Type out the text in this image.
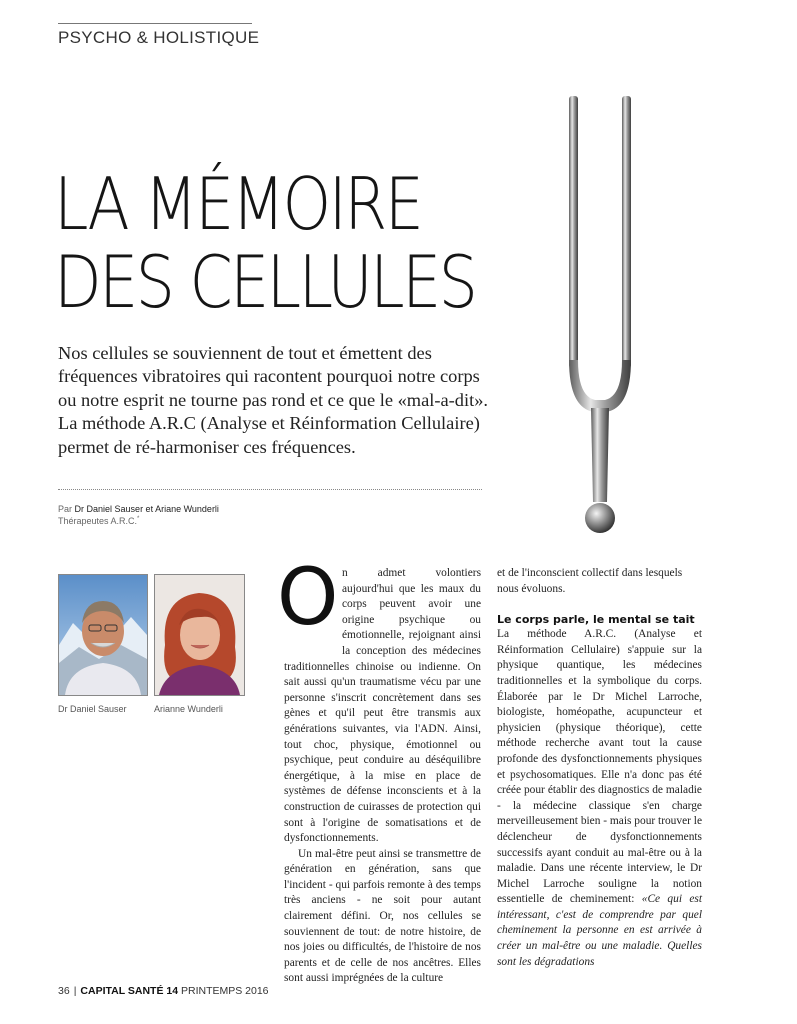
PSYCHO & HOLISTIQUE
LA MÉMOIRE
DES CELLULES

Nos cellules se souviennent de tout et émettent des fréquences vibratoires qui racontent pourquoi notre corps ou notre esprit ne tourne pas rond et ce que le «mal-a-dit». La méthode A.R.C (Analyse et Réinformation Cellulaire) permet de ré-harmoniser ces fréquences.

Par Dr Daniel Sauser et Ariane Wunderli
Thérapeutes A.R.C.*
Dr Daniel Sauser	Arianne Wunderli
O n admet volontiers aujourd'hui que les maux du corps peuvent avoir une origine psychique ou émotionnelle, rejoignant ainsi la conception des médecines traditionnelles chinoise ou indienne. On sait aussi qu'un traumatisme vécu par une personne s'inscrit concrètement dans ses gènes et qu'il peut être transmis aux générations suivantes, via l'ADN. Ainsi, tout choc, physique, émotionnel ou psychique, peut conduire au déséquilibre énergétique, à la mise en place de systèmes de défense inconscients et à la construction de cuirasses de protection qui sont à l'origine de somatisations et de dysfonctionnements.

Un mal-être peut ainsi se transmettre de génération en génération, sans que l'incident - qui parfois remonte à des temps très anciens - ne soit pour autant clairement défini. Or, nos cellules se souviennent de tout: de notre histoire, de nos joies ou difficultés, de l'histoire de nos parents et de celle de nos ancêtres. Elles sont aussi imprégnées de la culture

et de l'inconscient collectif dans lesquels nous évoluons.

Le corps parle, le mental se tait

La méthode A.R.C. (Analyse et Réinformation Cellulaire) s'appuie sur la physique quantique, les médecines traditionnelles et la symbolique du corps. Élaborée par le Dr Michel Larroche, biologiste, homéopathe, acupuncteur et physicien (physique théorique), cette méthode recherche avant tout la cause profonde des dysfonctionnements physiques et psychosomatiques. Elle n'a donc pas été créée pour établir des diagnostics de maladie - la médecine classique s'en charge merveilleusement bien - mais pour trouver le déclencheur de dysfonctionnements successifs ayant conduit au mal-être ou à la maladie. Dans une récente interview, le Dr Michel Larroche souligne la notion essentielle de cheminement: «Ce qui est intéressant, c'est de comprendre par quel cheminement la personne en est arrivée à créer un mal-être ou une maladie. Quelles sont les dégradations

36 | CAPITAL SANTÉ 14 PRINTEMPS 2016
